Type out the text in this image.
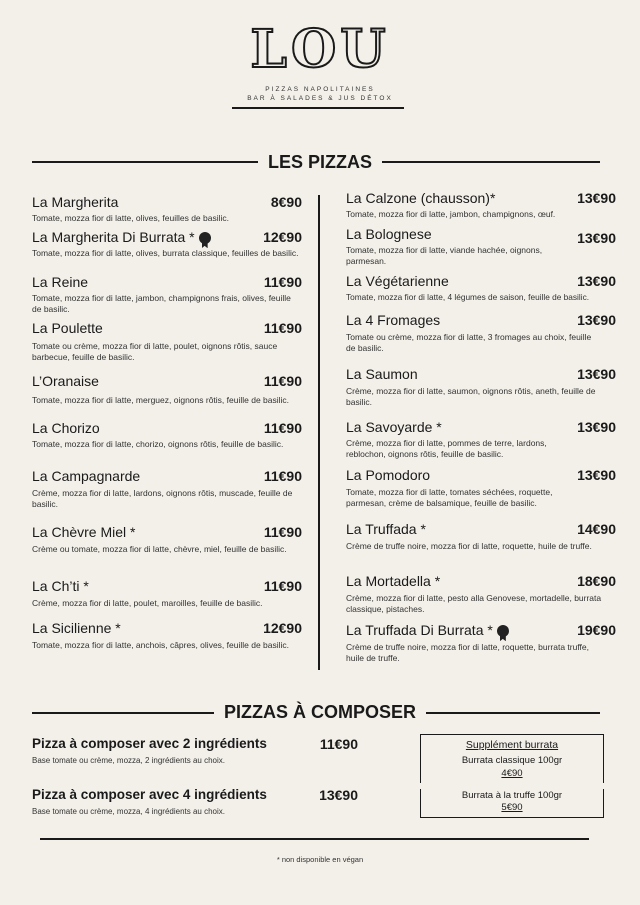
LOU
PIZZAS NAPOLITAINES
BAR À SALADES & JUS DÉTOX
LES PIZZAS
La Margherita	8€90
Tomate, mozza fior di latte, olives, feuilles de basilic.
La Margherita Di Burrata *	12€90
Tomate, mozza fior di latte, olives, burrata classique, feuilles de basilic.
La Reine	11€90
Tomate, mozza fior di latte, jambon, champignons frais, olives, feuille de basilic.
La Poulette	11€90
Tomate ou crème, mozza fior di latte, poulet, oignons rôtis, sauce barbecue, feuille de basilic.
L’Oranaise	11€90
Tomate, mozza fior di latte, merguez, oignons rôtis, feuille de basilic.
La Chorizo	11€90
Tomate, mozza fior di latte, chorizo, oignons rôtis, feuille de basilic.
La Campagnarde	11€90
Crème, mozza fior di latte, lardons, oignons rôtis, muscade, feuille de basilic.
La Chèvre Miel *	11€90
Crème ou tomate, mozza fior di latte, chèvre, miel, feuille de basilic.
La Ch’ti *	11€90
Crème, mozza fior di latte, poulet, maroilles, feuille de basilic.
La Sicilienne *	12€90
Tomate, mozza fior di latte, anchois, câpres, olives, feuille de basilic.
La Calzone (chausson)*	13€90
Tomate, mozza fior di latte, jambon, champignons, œuf.
La Bolognese	13€90
Tomate, mozza fior di latte, viande hachée, oignons, parmesan.
La Végétarienne	13€90
Tomate, mozza fior di latte, 4 légumes de saison, feuille de basilic.
La 4 Fromages	13€90
Tomate ou crème, mozza fior di latte, 3 fromages au choix, feuille de basilic.
La Saumon	13€90
Crème, mozza fior di latte, saumon, oignons rôtis, aneth, feuille de basilic.
La Savoyarde *	13€90
Crème, mozza fior di latte, pommes de terre, lardons, reblochon, oignons rôtis, feuille de basilic.
La Pomodoro	13€90
Tomate, mozza fior di latte, tomates séchées, roquette, parmesan, crème de balsamique, feuille de basilic.
La Truffada *	14€90
Crème de truffe noire, mozza fior di latte, roquette, huile de truffe.
La Mortadella *	18€90
Crème, mozza fior di latte, pesto alla Genovese, mortadelle, burrata classique, pistaches.
La Truffada Di Burrata *	19€90
Crème de truffe noire, mozza fior di latte, roquette, burrata truffe, huile de truffe.
PIZZAS À COMPOSER
Pizza à composer avec 2 ingrédients	11€90
Base tomate ou crème, mozza, 2 ingrédients au choix.
Pizza à composer avec 4 ingrédients	13€90
Base tomate ou crème, mozza, 4 ingrédients au choix.
Supplément burrata
Burrata classique 100gr
4€90
Burrata à la truffe 100gr
5€90
* non disponible en végan
